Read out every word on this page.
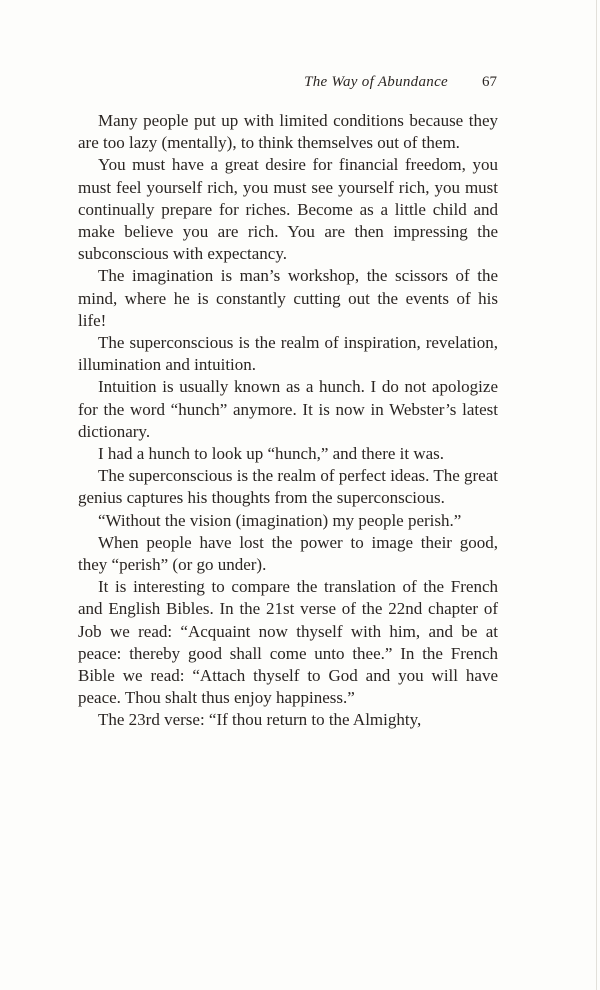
The Way of Abundance 67

Many people put up with limited conditions because they are too lazy (mentally), to think themselves out of them.

You must have a great desire for financial freedom, you must feel yourself rich, you must see yourself rich, you must continually prepare for riches. Become as a little child and make believe you are rich. You are then impressing the subconscious with expectancy.

The imagination is man’s workshop, the scissors of the mind, where he is constantly cutting out the events of his life!

The superconscious is the realm of inspiration, revelation, illumination and intuition.

Intuition is usually known as a hunch. I do not apologize for the word “hunch” anymore. It is now in Webster’s latest dictionary.

I had a hunch to look up “hunch,” and there it was.

The superconscious is the realm of perfect ideas. The great genius captures his thoughts from the superconscious.

“Without the vision (imagination) my people perish.”

When people have lost the power to image their good, they “perish” (or go under).

It is interesting to compare the translation of the French and English Bibles. In the 21st verse of the 22nd chapter of Job we read: “Acquaint now thyself with him, and be at peace: thereby good shall come unto thee.” In the French Bible we read: “Attach thyself to God and you will have peace. Thou shalt thus enjoy happiness.”

The 23rd verse: “If thou return to the Almighty,
